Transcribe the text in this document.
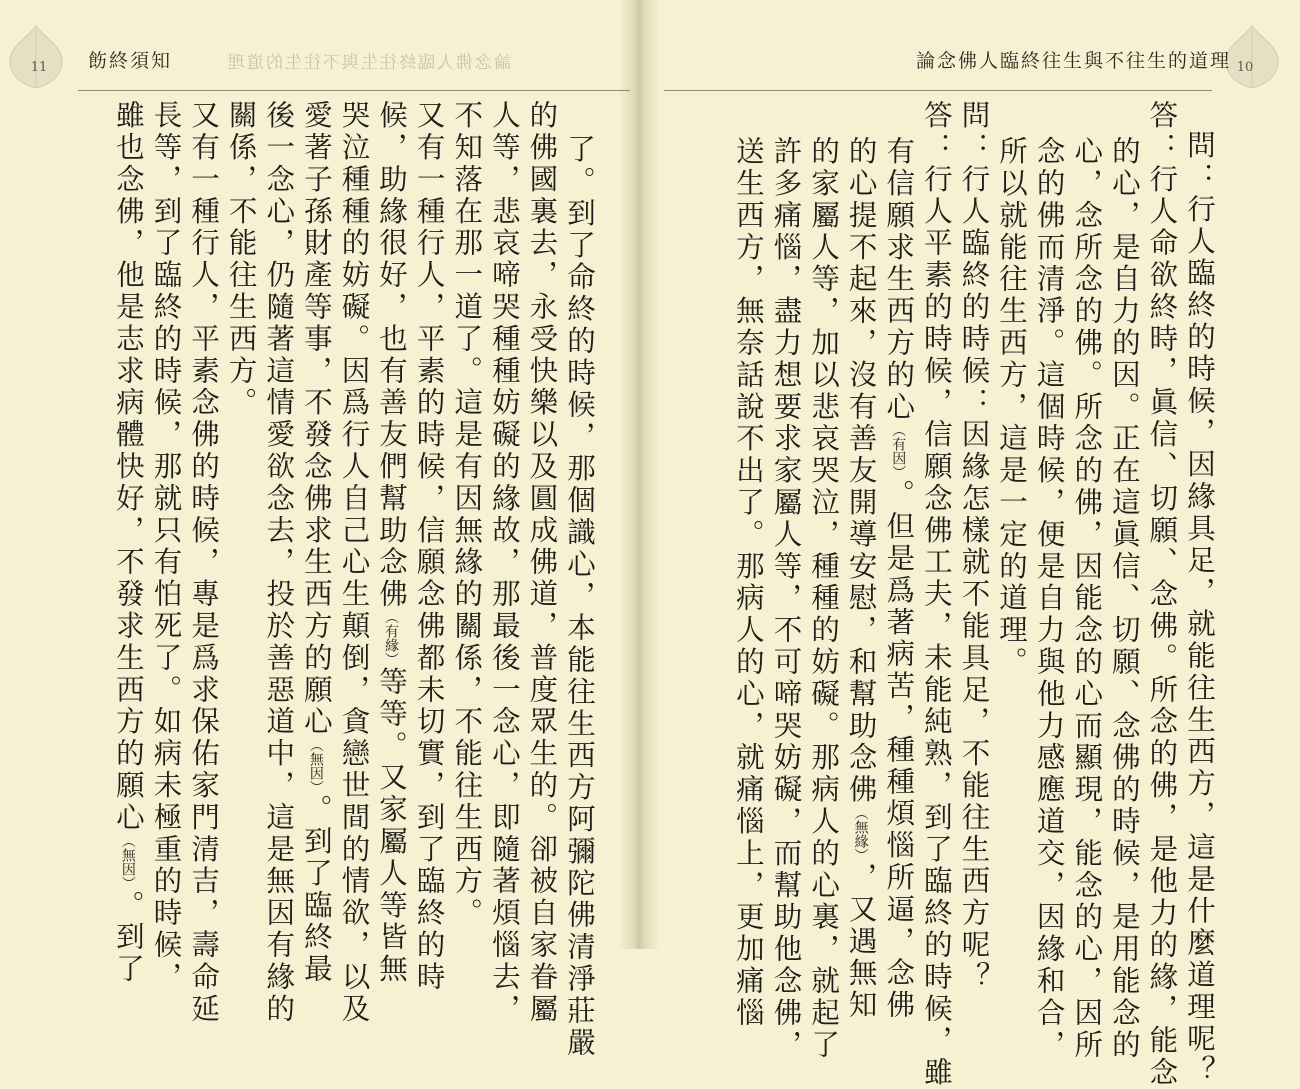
11	飭終須知	論念佛人臨終往生與不往生的道理	10
論念佛人臨終往生與不往生的道理
問：行人臨終的時候，因緣具足，就能往生西方，這是什麼道理呢？
答：行人命欲終時，眞信、切願、念佛。所念的佛，是他力的緣，能念
的心，是自力的因。正在這眞信、切願、念佛的時候，是用能念的
心，念所念的佛。所念的佛，因能念的心而顯現，能念的心，因所
念的佛而清淨。這個時候，便是自力與他力感應道交，因緣和合，
所以就能往生西方，這是一定的道理。
問：行人臨終的時候：因緣怎樣就不能具足，不能往生西方呢？
答：行人平素的時候，信願念佛工夫，未能純熟，到了臨終的時候，雖
有信願求生西方的心（有因）。但是爲著病苦，種種煩惱所逼，念佛
的心提不起來，沒有善友開導安慰，和幫助念佛（無緣），又遇無知
的家屬人等，加以悲哀哭泣，種種的妨礙。那病人的心裏，就起了
許多痛惱，盡力想要求家屬人等，不可啼哭妨礙，而幫助他念佛，
送生西方，無奈話說不出了。那病人的心，就痛惱上，更加痛惱
了。到了命終的時候，那個識心，本能往生西方阿彌陀佛清淨莊嚴
的佛國裏去，永受快樂以及圓成佛道，普度眾生的。卻被自家眷屬
人等，悲哀啼哭種種妨礙的緣故，那最後一念心，即隨著煩惱去，
不知落在那一道了。這是有因無緣的關係，不能往生西方。
又有一種行人，平素的時候，信願念佛都未切實，到了臨終的時
候，助緣很好，也有善友們幫助念佛（有緣）等等。又家屬人等皆無
哭泣種種的妨礙。因爲行人自己心生顛倒，貪戀世間的情欲，以及
愛著子孫財產等事，不發念佛求生西方的願心（無因）。到了臨終最
後一念心，仍隨著這情愛欲念去，投於善惡道中，這是無因有緣的
關係，不能往生西方。
又有一種行人，平素念佛的時候，專是爲求保佑家門清吉，壽命延
長等，到了臨終的時候，那就只有怕死了。如病未極重的時候，
雖也念佛，他是志求病體快好，不發求生西方的願心（無因）。到了
